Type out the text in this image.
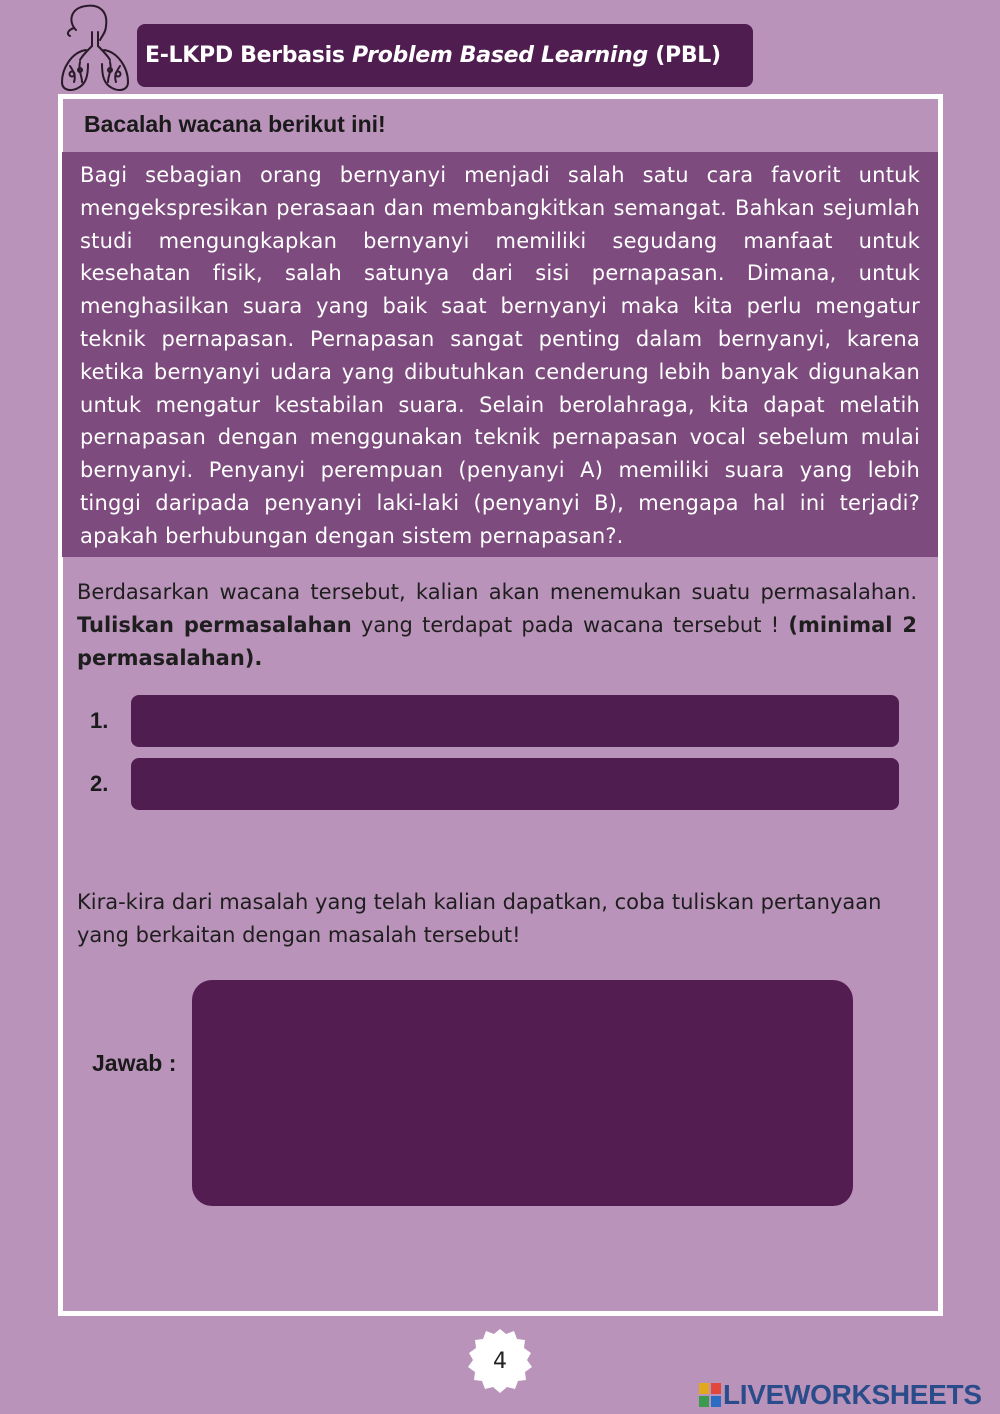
E-LKPD Berbasis Problem Based Learning (PBL)
Bacalah wacana berikut ini!

Bagi sebagian orang bernyanyi menjadi salah satu cara favorit untuk mengekspresikan perasaan dan membangkitkan semangat. Bahkan sejumlah studi mengungkapkan bernyanyi memiliki segudang manfaat untuk kesehatan fisik, salah satunya dari sisi pernapasan. Dimana, untuk menghasilkan suara yang baik saat bernyanyi maka kita perlu mengatur teknik pernapasan. Pernapasan sangat penting dalam bernyanyi, karena ketika bernyanyi udara yang dibutuhkan cenderung lebih banyak digunakan untuk mengatur kestabilan suara. Selain berolahraga, kita dapat melatih pernapasan dengan menggunakan teknik pernapasan vocal sebelum mulai bernyanyi. Penyanyi perempuan (penyanyi A) memiliki suara yang lebih tinggi daripada penyanyi laki-laki (penyanyi B), mengapa hal ini terjadi? apakah berhubungan dengan sistem pernapasan?.

Berdasarkan wacana tersebut, kalian akan menemukan suatu permasalahan. Tuliskan permasalahan yang terdapat pada wacana tersebut ! (minimal 2 permasalahan).

1.
2.

Kira-kira dari masalah yang telah kalian dapatkan, coba tuliskan pertanyaan yang berkaitan dengan masalah tersebut!

Jawab :
4
LIVEWORKSHEETS
